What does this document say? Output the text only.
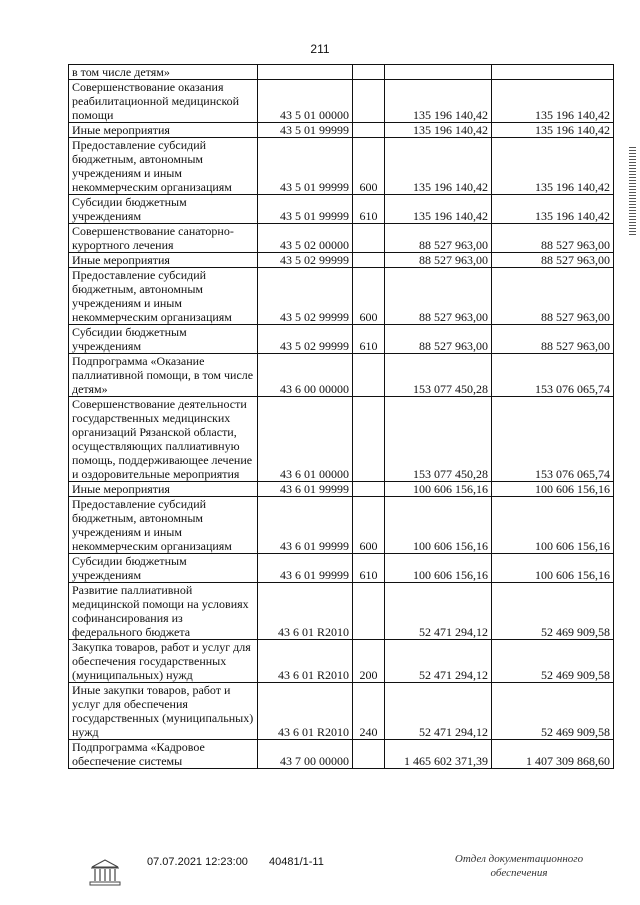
211
в том числе детям»				
Совершенствование оказания реабилитационной медицинской помощи	43 5 01 00000		135 196 140,42	135 196 140,42
Иные мероприятия	43 5 01 99999		135 196 140,42	135 196 140,42
Предоставление субсидий бюджетным, автономным учреждениям и иным некоммерческим организациям	43 5 01 99999	600	135 196 140,42	135 196 140,42
Субсидии бюджетным учреждениям	43 5 01 99999	610	135 196 140,42	135 196 140,42
Совершенствование санаторно-курортного лечения	43 5 02 00000		88 527 963,00	88 527 963,00
Иные мероприятия	43 5 02 99999		88 527 963,00	88 527 963,00
Предоставление субсидий бюджетным, автономным учреждениям и иным некоммерческим организациям	43 5 02 99999	600	88 527 963,00	88 527 963,00
Субсидии бюджетным учреждениям	43 5 02 99999	610	88 527 963,00	88 527 963,00
Подпрограмма «Оказание паллиативной помощи, в том числе детям»	43 6 00 00000		153 077 450,28	153 076 065,74
Совершенствование деятельности государственных медицинских организаций Рязанской области, осуществляющих паллиативную помощь, поддерживающее лечение и оздоровительные мероприятия	43 6 01 00000		153 077 450,28	153 076 065,74
Иные мероприятия	43 6 01 99999		100 606 156,16	100 606 156,16
Предоставление субсидий бюджетным, автономным учреждениям и иным некоммерческим организациям	43 6 01 99999	600	100 606 156,16	100 606 156,16
Субсидии бюджетным учреждениям	43 6 01 99999	610	100 606 156,16	100 606 156,16
Развитие паллиативной медицинской помощи на условиях софинансирования из федерального бюджета	43 6 01 R2010		52 471 294,12	52 469 909,58
Закупка товаров, работ и услуг для обеспечения государственных (муниципальных) нужд	43 6 01 R2010	200	52 471 294,12	52 469 909,58
Иные закупки товаров, работ и услуг для обеспечения государственных (муниципальных) нужд	43 6 01 R2010	240	52 471 294,12	52 469 909,58
Подпрограмма «Кадровое обеспечение системы	43 7 00 00000		1 465 602 371,39	1 407 309 868,60
07.07.2021 12:23:00 40481/1-11	Отдел документационного обеспечения
